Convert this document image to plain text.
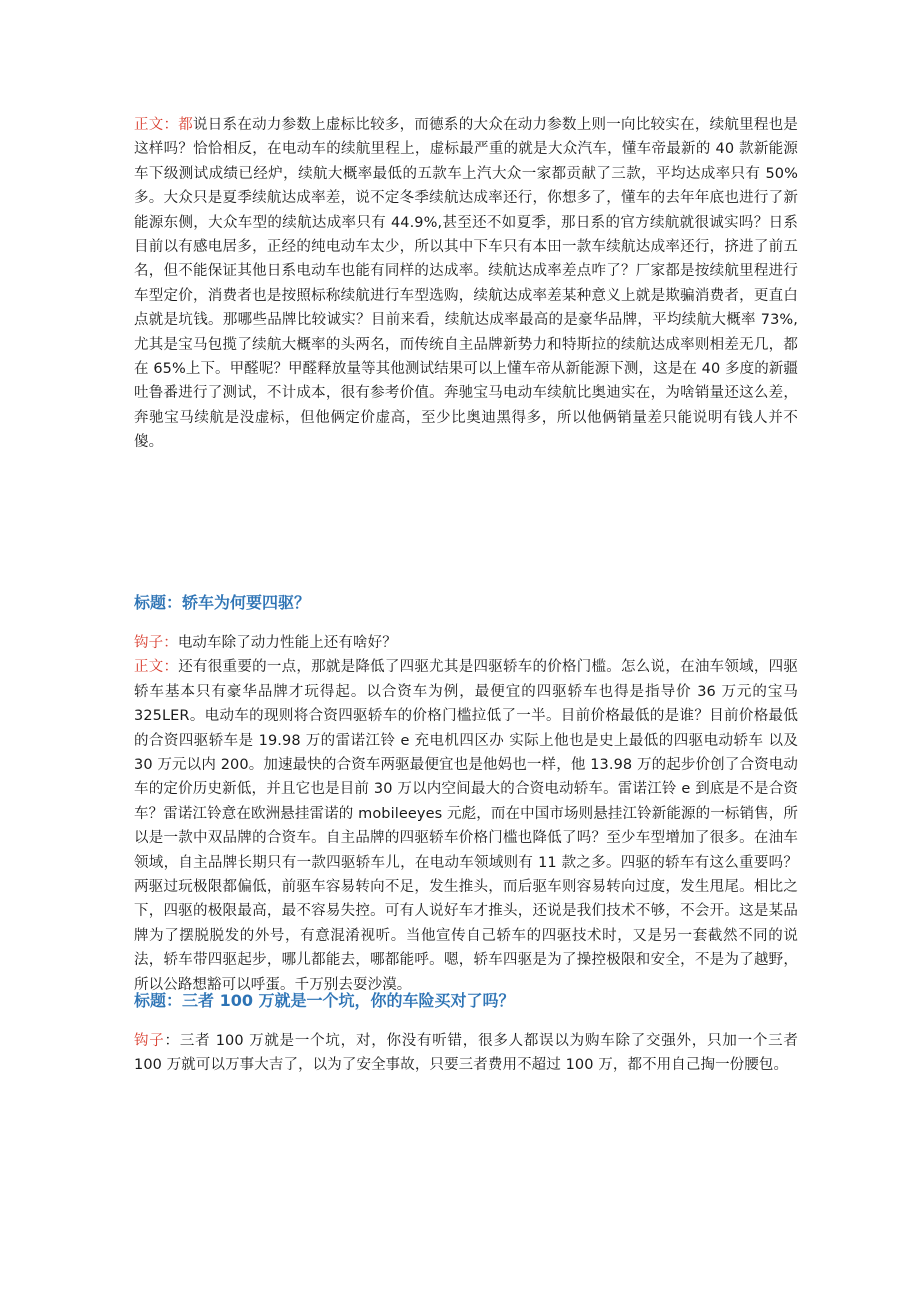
正文：都说日系在动力参数上虚标比较多，而德系的大众在动力参数上则一向比较实在，续航里程也是这样吗？恰恰相反，在电动车的续航里程上，虚标最严重的就是大众汽车，懂车帝最新的 40 款新能源车下级测试成绩已经炉，续航大概率最低的五款车上汽大众一家都贡献了三款，平均达成率只有 50%多。大众只是夏季续航达成率差，说不定冬季续航达成率还行，你想多了，懂车的去年年底也进行了新能源东侧，大众车型的续航达成率只有 44.9%,甚至还不如夏季，那日系的官方续航就很诚实吗？日系目前以有感电居多，正经的纯电动车太少，所以其中下车只有本田一款车续航达成率还行，挤进了前五名，但不能保证其他日系电动车也能有同样的达成率。续航达成率差点咋了？厂家都是按续航里程进行车型定价，消费者也是按照标称续航进行车型选购，续航达成率差某种意义上就是欺骗消费者，更直白点就是坑钱。那哪些品牌比较诚实？目前来看，续航达成率最高的是豪华品牌，平均续航大概率 73%,尤其是宝马包揽了续航大概率的头两名，而传统自主品牌新势力和特斯拉的续航达成率则相差无几，都在 65%上下。甲醛呢？甲醛释放量等其他测试结果可以上懂车帝从新能源下测，这是在 40 多度的新疆吐鲁番进行了测试，不计成本，很有参考价值。奔驰宝马电动车续航比奥迪实在，为啥销量还这么差，奔驰宝马续航是没虚标，但他俩定价虚高，至少比奥迪黑得多，所以他俩销量差只能说明有钱人并不傻。

标题：轿车为何要四驱？

钩子：电动车除了动力性能上还有啥好？

正文：还有很重要的一点，那就是降低了四驱尤其是四驱轿车的价格门槛。怎么说，在油车领域，四驱轿车基本只有豪华品牌才玩得起。以合资车为例，最便宜的四驱轿车也得是指导价 36 万元的宝马325LER。电动车的现则将合资四驱轿车的价格门槛拉低了一半。目前价格最低的是谁？目前价格最低的合资四驱轿车是 19.98 万的雷诺江铃 e 充电机四区办 实际上他也是史上最低的四驱电动轿车 以及 30 万元以内 200。加速最快的合资车两驱最便宜也是他妈也一样，他 13.98 万的起步价创了合资电动车的定价历史新低，并且它也是目前 30 万以内空间最大的合资电动轿车。雷诺江铃 e 到底是不是合资车？雷诺江铃意在欧洲悬挂雷诺的 mobileeyes 元彪，而在中国市场则悬挂江铃新能源的一标销售，所以是一款中双品牌的合资车。自主品牌的四驱轿车价格门槛也降低了吗？至少车型增加了很多。在油车领域，自主品牌长期只有一款四驱轿车儿，在电动车领域则有 11 款之多。四驱的轿车有这么重要吗？两驱过玩极限都偏低，前驱车容易转向不足，发生推头，而后驱车则容易转向过度，发生甩尾。相比之下，四驱的极限最高，最不容易失控。可有人说好车才推头，还说是我们技术不够，不会开。这是某品牌为了摆脱脱发的外号，有意混淆视听。当他宣传自己轿车的四驱技术时，又是另一套截然不同的说法，轿车带四驱起步，哪儿都能去，哪都能呼。嗯，轿车四驱是为了操控极限和安全，不是为了越野，所以公路想豁可以呼蛋。千万别去耍沙漠。

标题：三者 100 万就是一个坑，你的车险买对了吗？

钩子：三者 100 万就是一个坑，对，你没有听错，很多人都误以为购车除了交强外，只加一个三者 100 万就可以万事大吉了，以为了安全事故，只要三者费用不超过 100 万，都不用自己掏一份腰包。
